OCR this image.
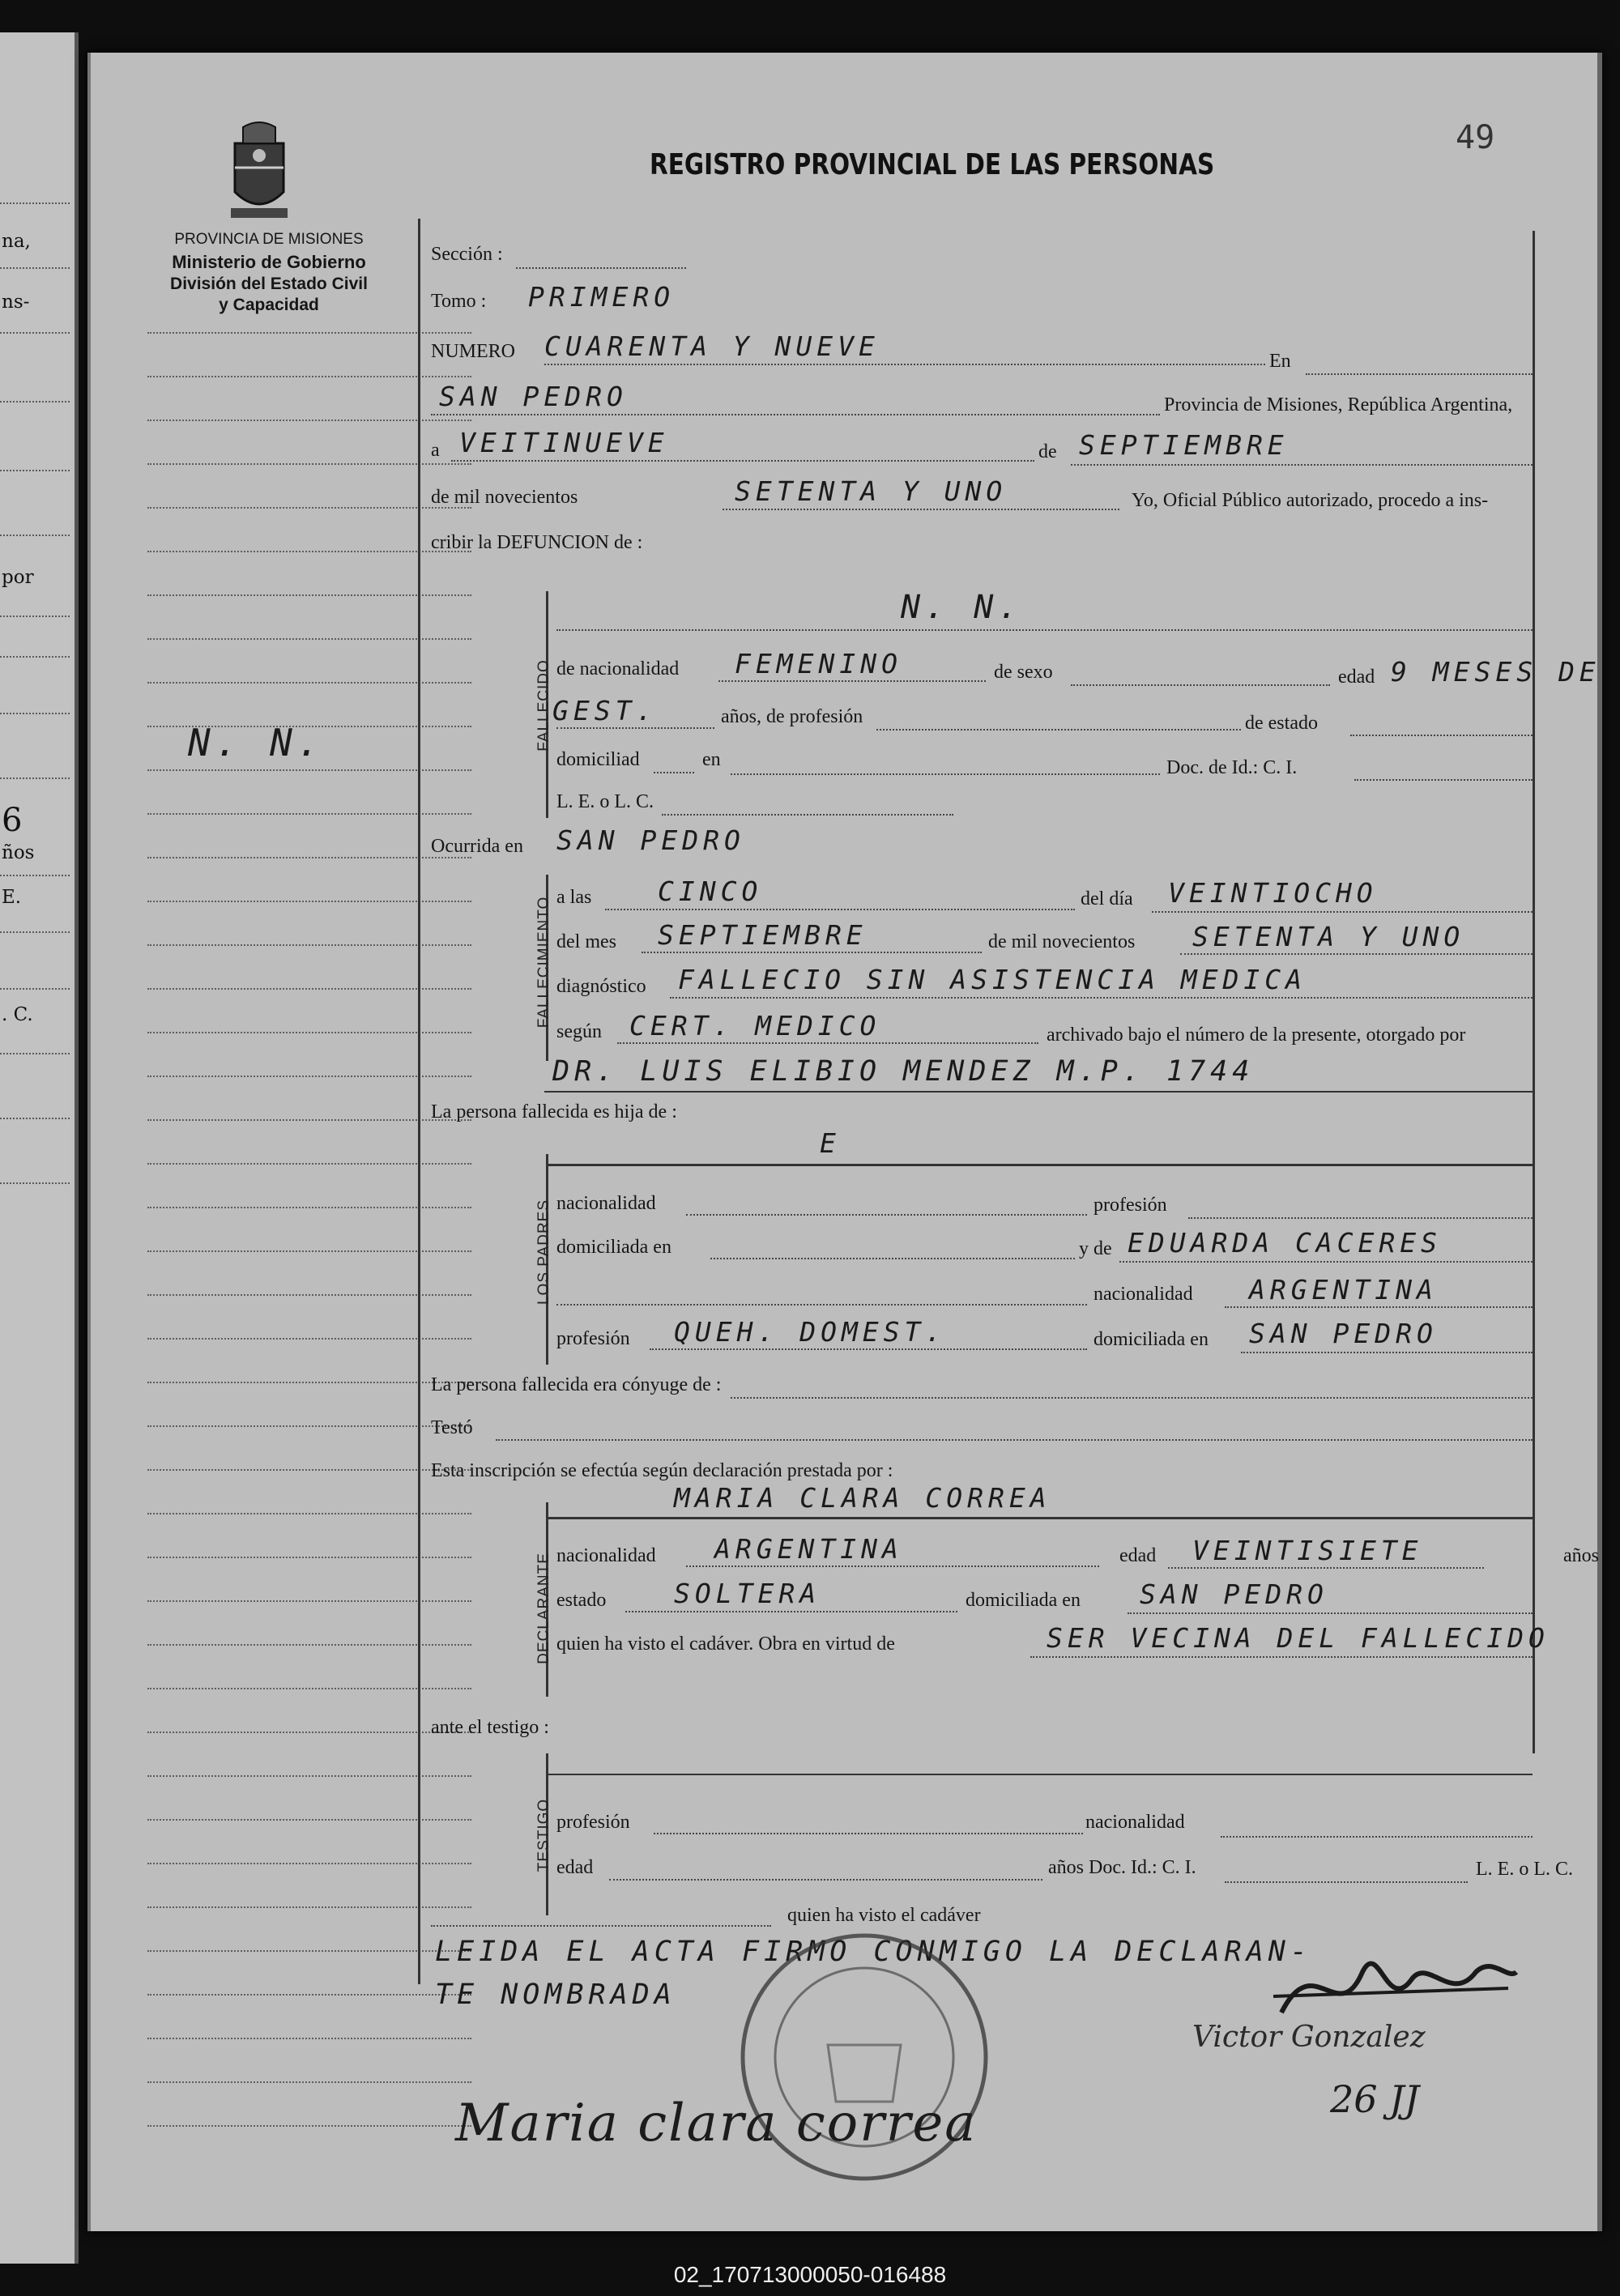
na,
ns-
por
6
ños
E.
. C.
49
PROVINCIA DE MISIONES
Ministerio de Gobierno
División del Estado Civil
y Capacidad
N. N.
REGISTRO PROVINCIAL DE LAS PERSONAS
Sección :
Tomo : PRIMERO
NUMERO CUARENTA Y NUEVE	En
SAN PEDRO	Provincia de Misiones, República Argentina,
a VEITINUEVE	de SEPTIEMBRE
de mil novecientos	SETENTA Y UNO	Yo, Oficial Público autorizado, procedo a ins-
cribir la DEFUNCION de :
FALLECIDO
N. N.
de nacionalidad FEMENINO	de sexo	edad 9 MESES DE
GEST.	años, de profesión	de estado
domiciliad	en	Doc. de Id.: C. I.
L. E. o L. C.
Ocurrida en SAN PEDRO
FALLECIMIENTO a las CINCO	del día VEINTIOCHO
del mes SEPTIEMBRE	de mil novecientos SETENTA Y UNO
diagnóstico FALLECIO SIN ASISTENCIA MEDICA
según CERT. MEDICO	archivado bajo el número de la presente, otorgado por
DR. LUIS ELIBIO MENDEZ M.P. 1744
La persona fallecida es hija de :
LOS PADRES
E
nacionalidad	profesión
domiciliada en	y de EDUARDA CACERES
nacionalidad ARGENTINA
profesión QUEH. DOMEST.	domiciliada en SAN PEDRO
La persona fallecida era cónyuge de :
Testó
Esta inscripción se efectúa según declaración prestada por :
DECLARANTE
MARIA CLARA CORREA
nacionalidad ARGENTINA	edad VEINTISIETE	años
estado	SOLTERA	domiciliada en SAN PEDRO
quien ha visto el cadáver. Obra en virtud de	SER VECINA DEL FALLECIDO
ante el testigo :
TESTIGO profesión	nacionalidad
edad	años Doc. Id.: C. I.	L. E. o L. C.
quien ha visto el cadáver
LEIDA EL ACTA FIRMO CONMIGO LA DECLARAN-
TE NOMBRADA
Maria clara correa
Victor Gonzalez
26 JJ
02_170713000050-016488
